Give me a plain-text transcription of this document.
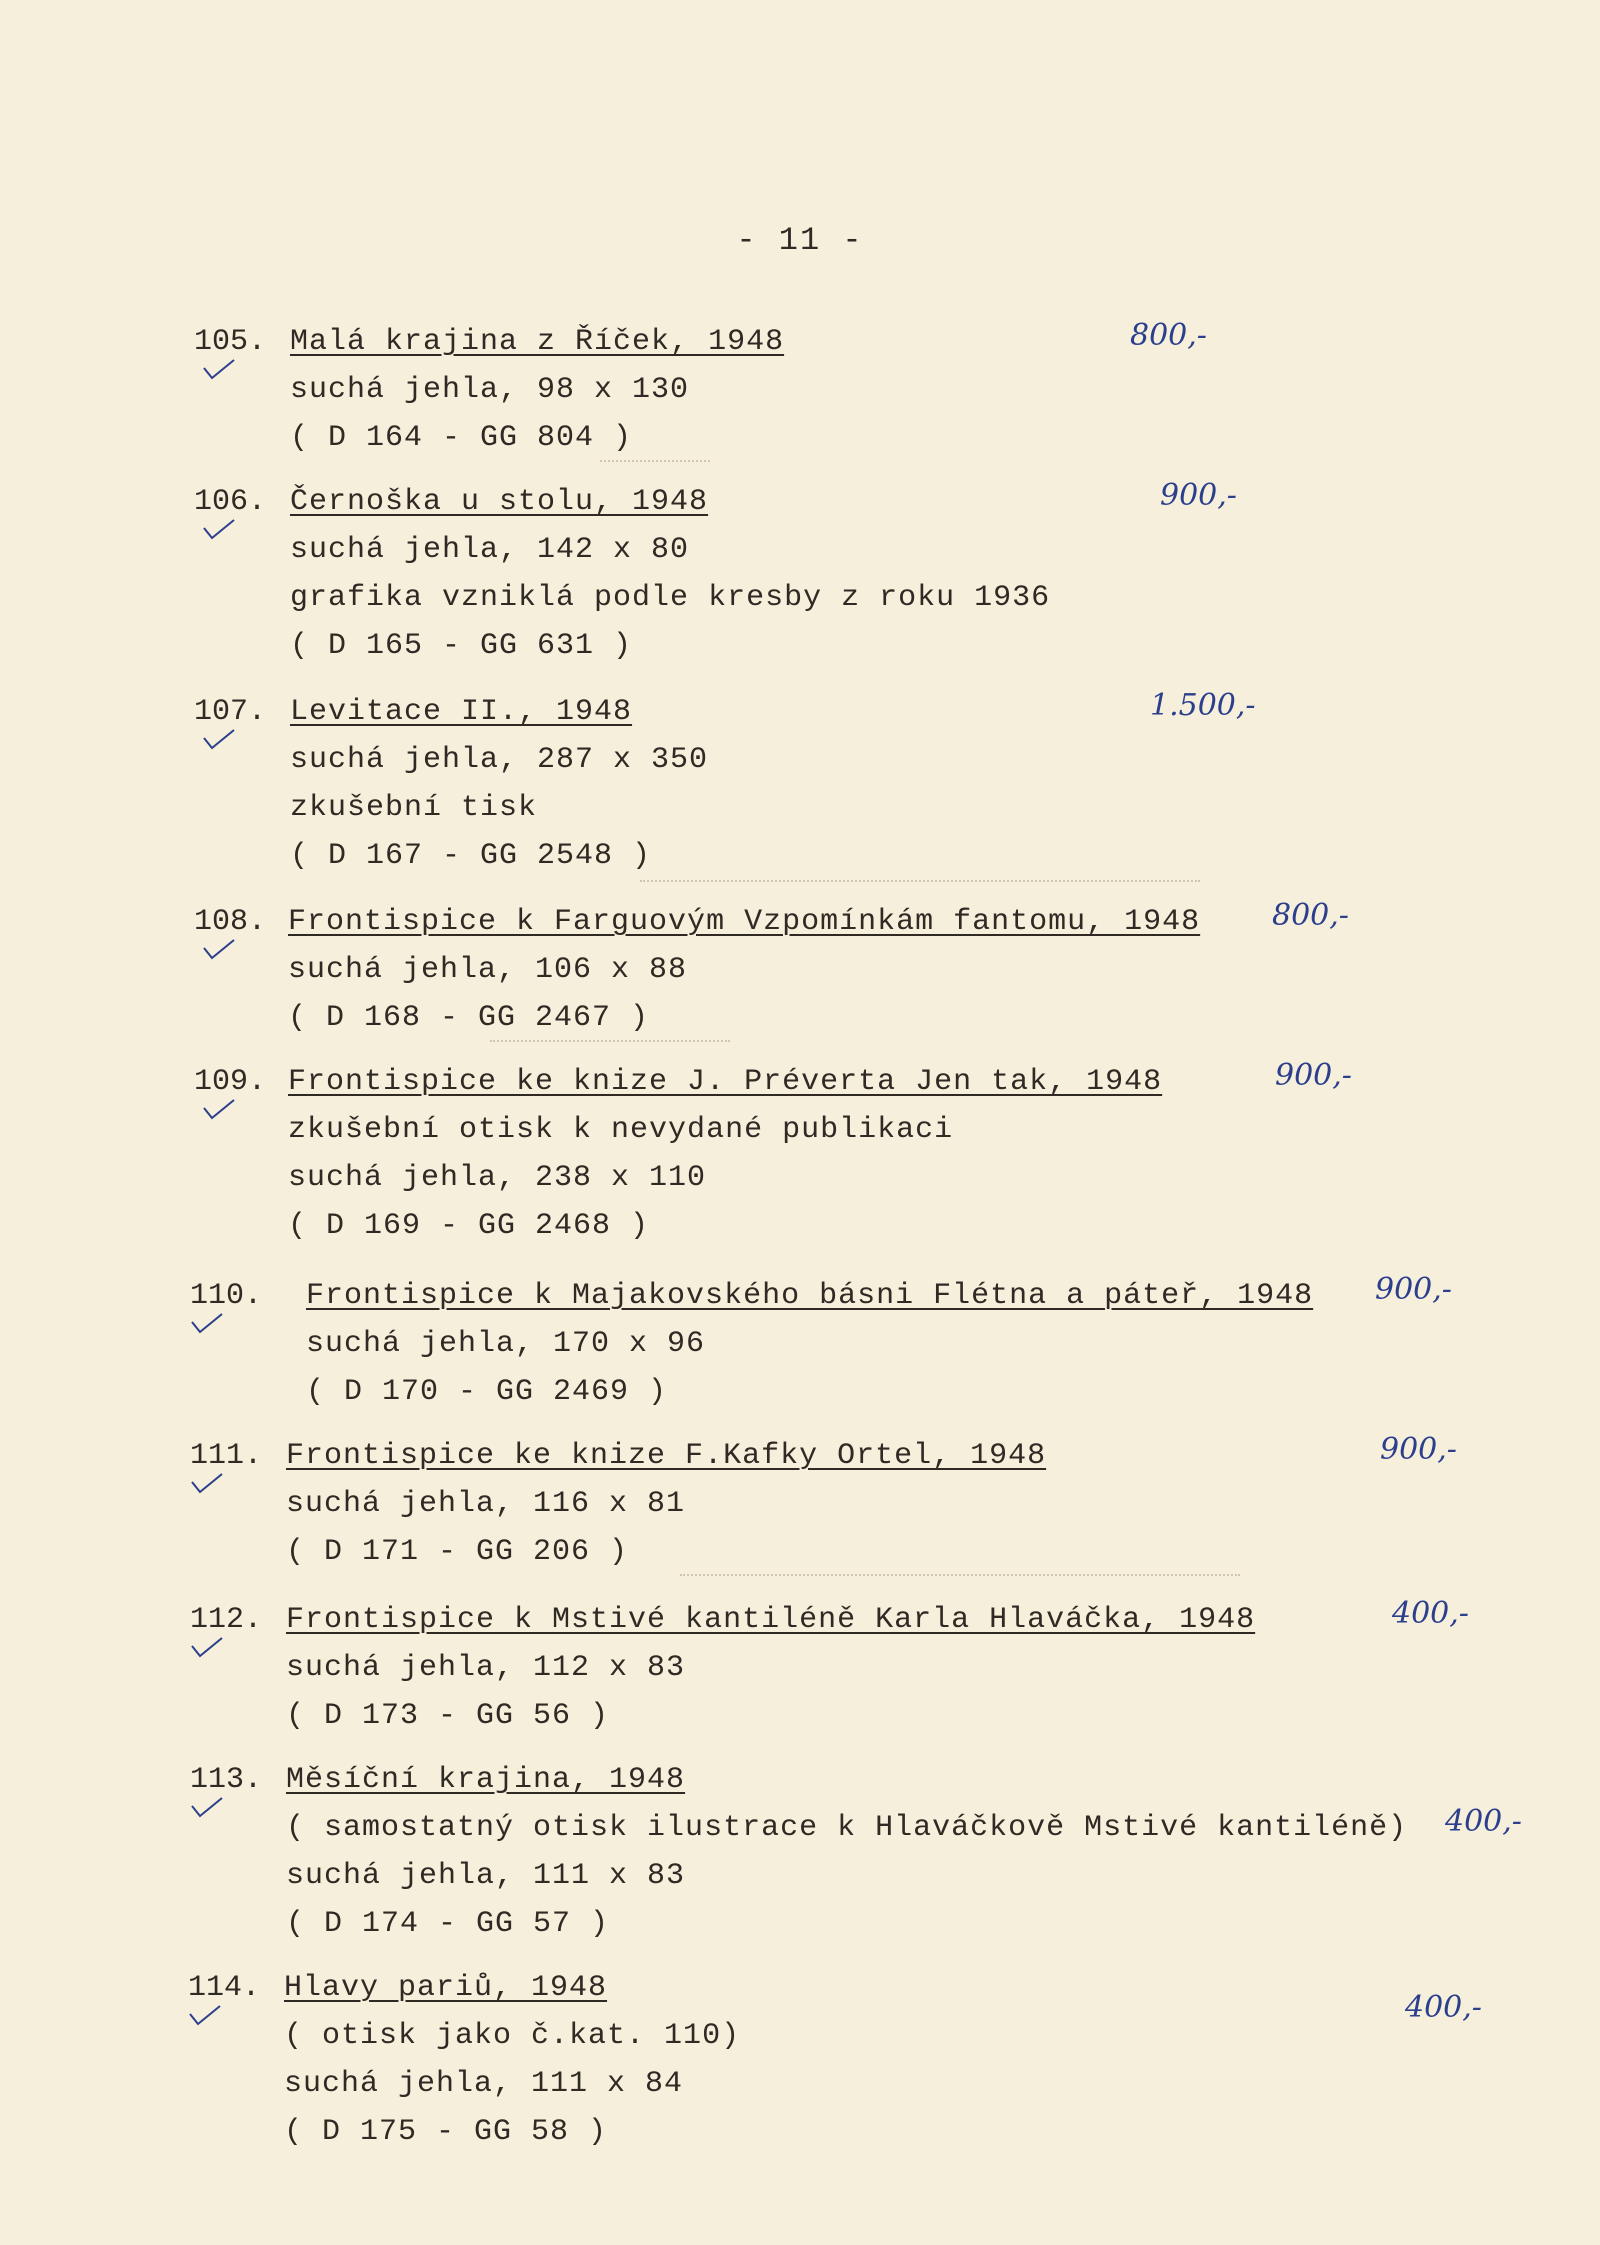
- 11 -
105. Malá krajina z Říček, 1948
suchá jehla, 98 x 130
( D 164 - GG 804 )
800,-
106. Černoška u stolu, 1948
suchá jehla, 142 x 80
grafika vznikl​á podle kresby z roku 1936
( D 165 - GG 631 )
900,-
107. Levitace II., 1948
suchá jehla, 287 x 350
zkušební tisk
( D 167 - GG 2548 )
1.500,-
108. Frontispice k Farguovým Vzpomínkám fantomu, 1948
suchá jehla, 106 x 88
( D 168 - GG 2467 )
800,-
109. Frontispice ke knize J. Préverta Jen tak, 1948
zkušební otisk k nevydané publikaci
suchá jehla, 238 x 110
( D 169 - GG 2468 )
900,-
110. Frontispice k Majakovského básni Flétna a páteř, 1948
suchá jehla, 170 x 96
( D 170 - GG 2469 )
900,-
111. Frontispice ke knize F.Kafky Ortel, 1948
suchá jehla, 116 x 81
( D 171 - GG 206 )
900,-
112. Frontispice k Mstivé kantiléně Karla Hlaváčka, 1948
suchá jehla, 112 x 83
( D 173 - GG 56 )
400,-
113. Měsíční krajina, 1948
( samostatný otisk ilustrace k Hlaváčkově Mstivé kantiléně)
suchá jehla, 111 x 83
( D 174 - GG 57 )
400,-
114. Hlavy pariů, 1948
( otisk jako č.kat. 110)
suchá jehla, 111 x 84
( D 175 - GG 58 )
400,-
